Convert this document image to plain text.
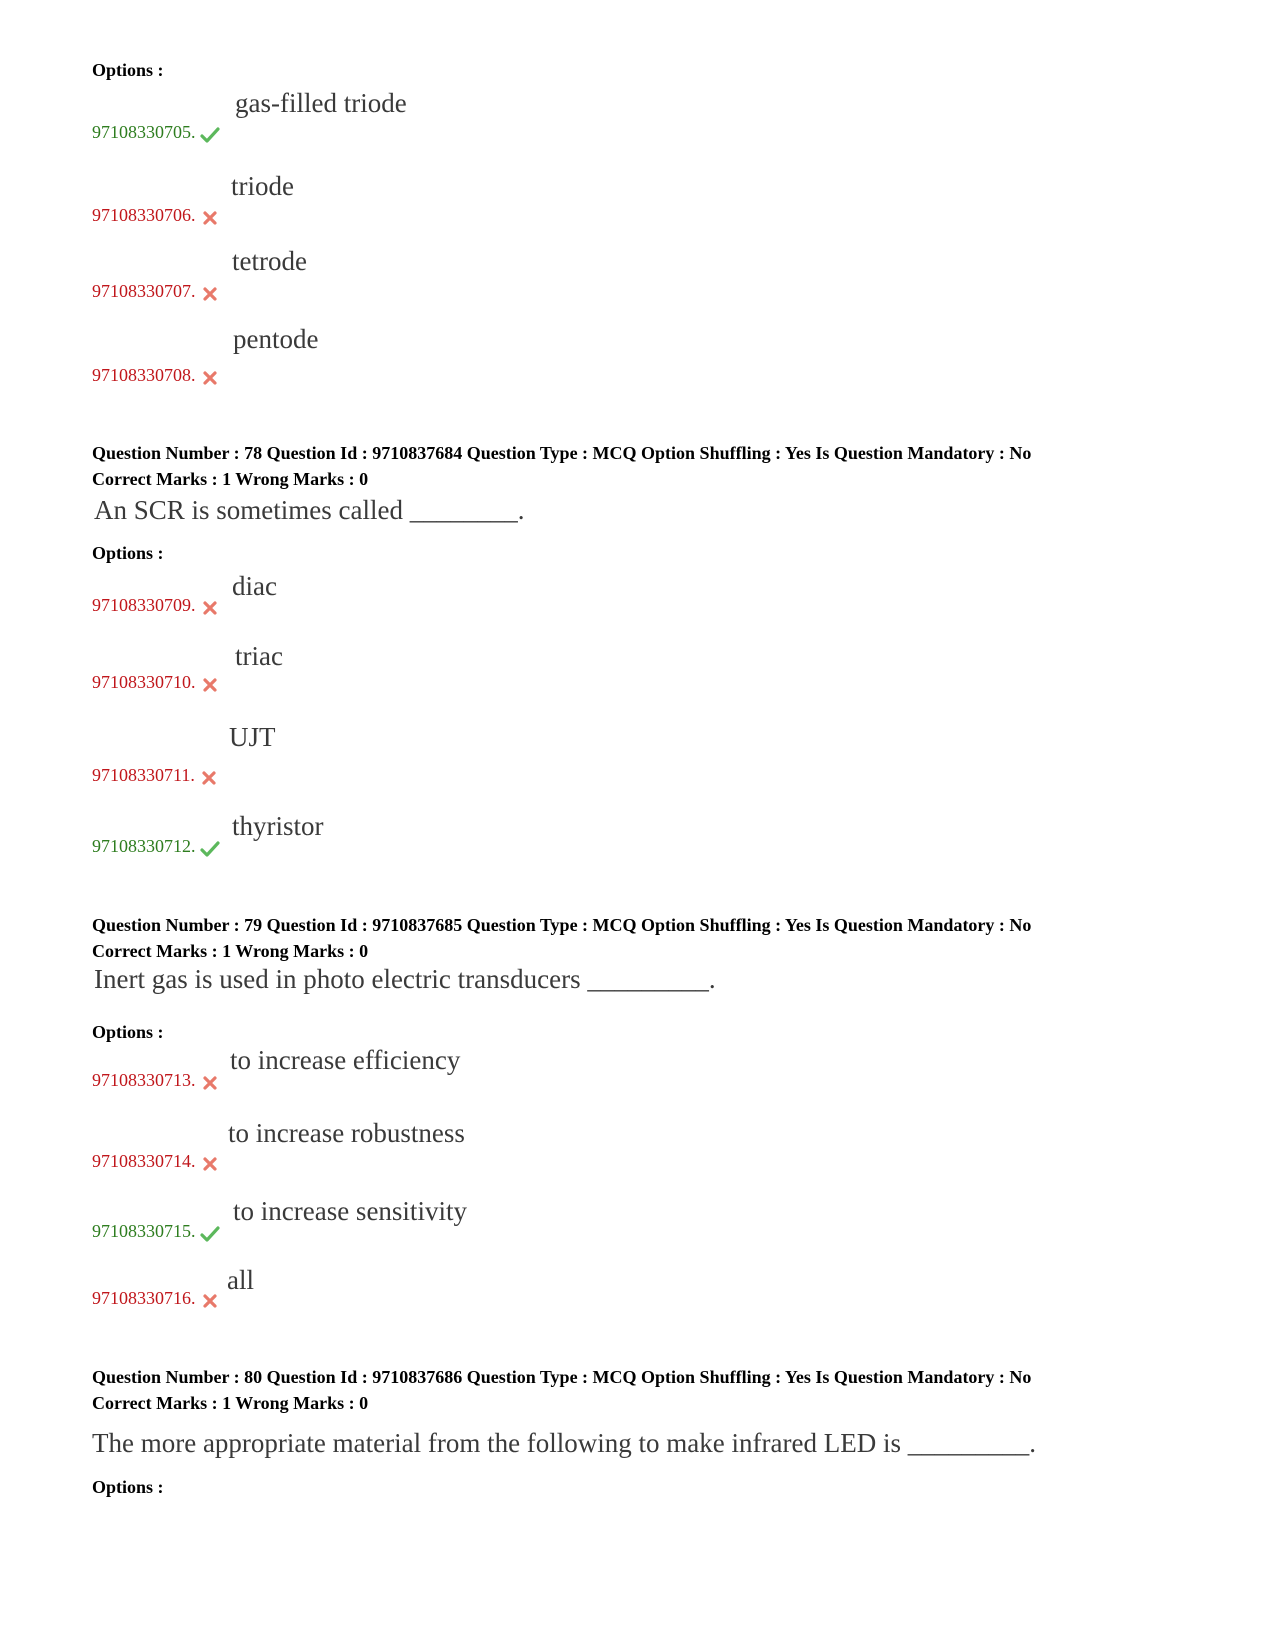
Options :
gas-filled triode
97108330705.
triode
97108330706.
tetrode
97108330707.
pentode
97108330708.
Question Number : 78 Question Id : 9710837684 Question Type : MCQ Option Shuffling : Yes Is Question Mandatory : No
Correct Marks : 1 Wrong Marks : 0
An SCR is sometimes called ________.
Options :
diac
97108330709.
triac
97108330710.
UJT
97108330711.
thyristor
97108330712.
Question Number : 79 Question Id : 9710837685 Question Type : MCQ Option Shuffling : Yes Is Question Mandatory : No
Correct Marks : 1 Wrong Marks : 0
Inert gas is used in photo electric transducers _________.
Options :
to increase efficiency
97108330713.
to increase robustness
97108330714.
to increase sensitivity
97108330715.
all
97108330716.
Question Number : 80 Question Id : 9710837686 Question Type : MCQ Option Shuffling : Yes Is Question Mandatory : No
Correct Marks : 1 Wrong Marks : 0
The more appropriate material from the following to make infrared LED is _________.
Options :
